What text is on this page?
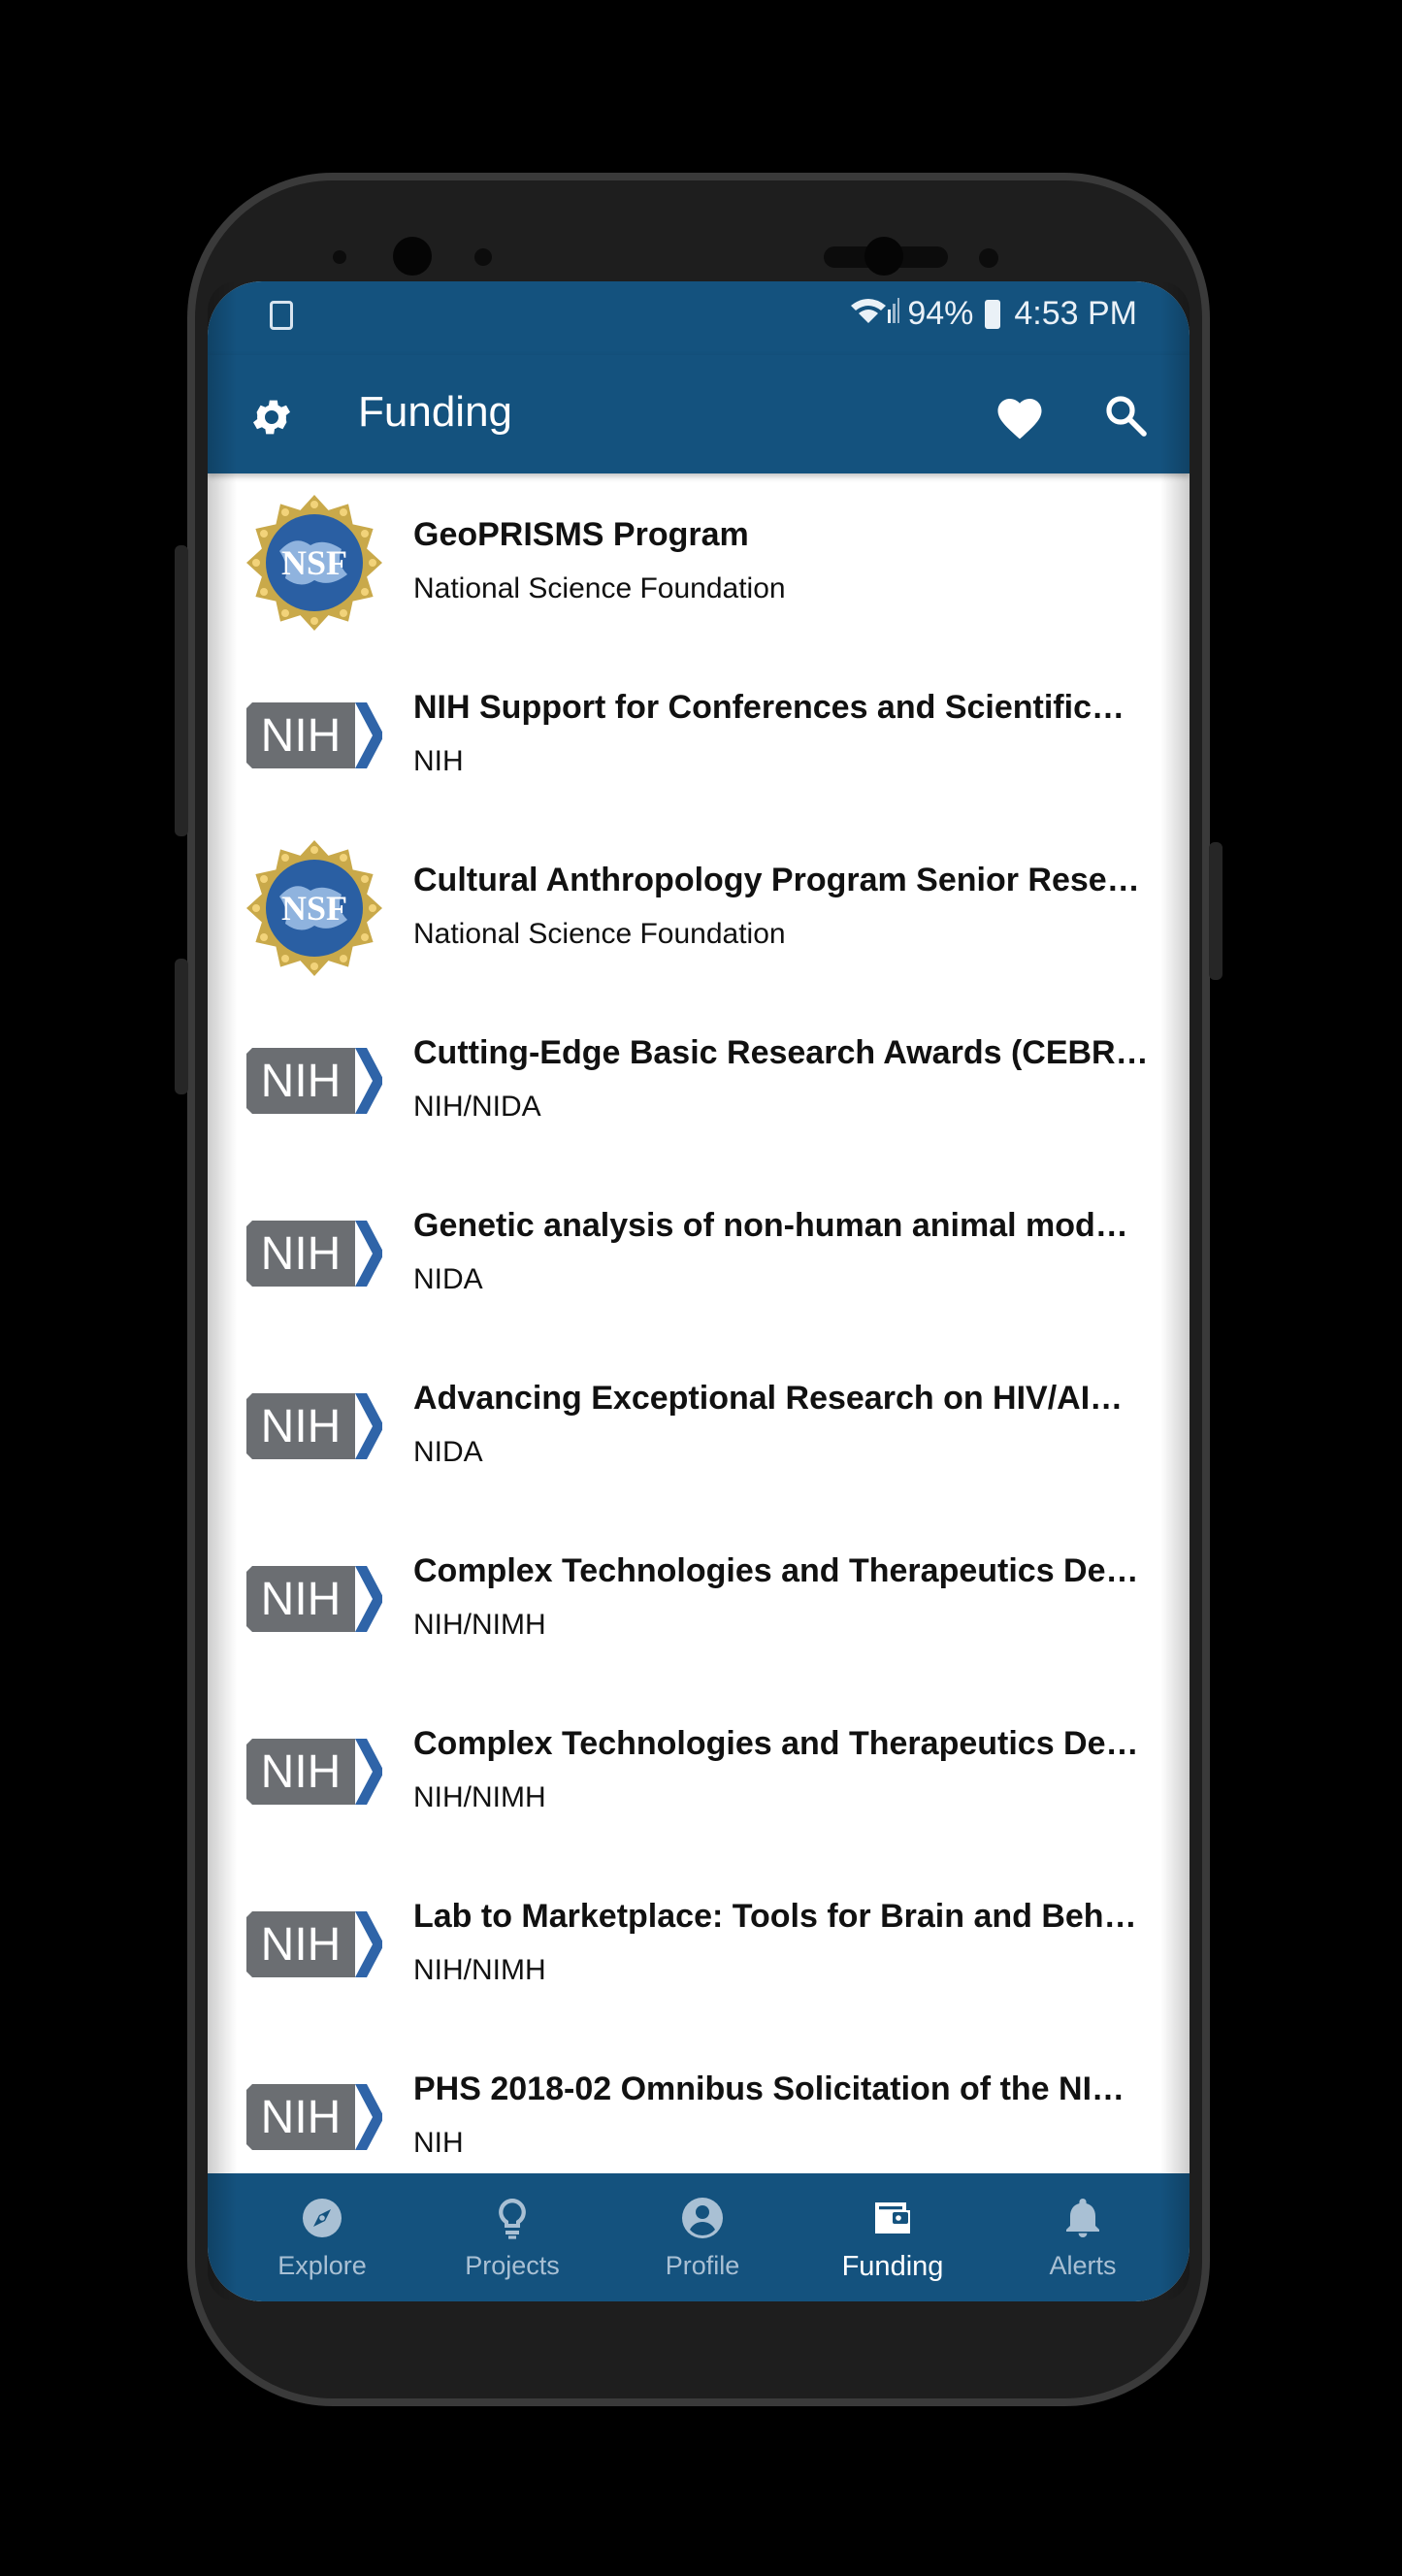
94% 4:53 PM
Funding
NSF
GeoPRISMS Program
National Science Foundation
NIH
NIH Support for Conferences and Scientific…
NIH
NSF
Cultural Anthropology Program Senior Rese…
National Science Foundation
NIH
Cutting-Edge Basic Research Awards (CEBR…
NIH/NIDA
NIH
Genetic analysis of non-human animal mod…
NIDA
NIH
Advancing Exceptional Research on HIV/AI…
NIDA
NIH
Complex Technologies and Therapeutics De…
NIH/NIMH
NIH
Complex Technologies and Therapeutics De…
NIH/NIMH
NIH
Lab to Marketplace: Tools for Brain and Beh…
NIH/NIMH
NIH
PHS 2018-02 Omnibus Solicitation of the NI…
NIH
Explore	Projects	Profile	Funding	Alerts
